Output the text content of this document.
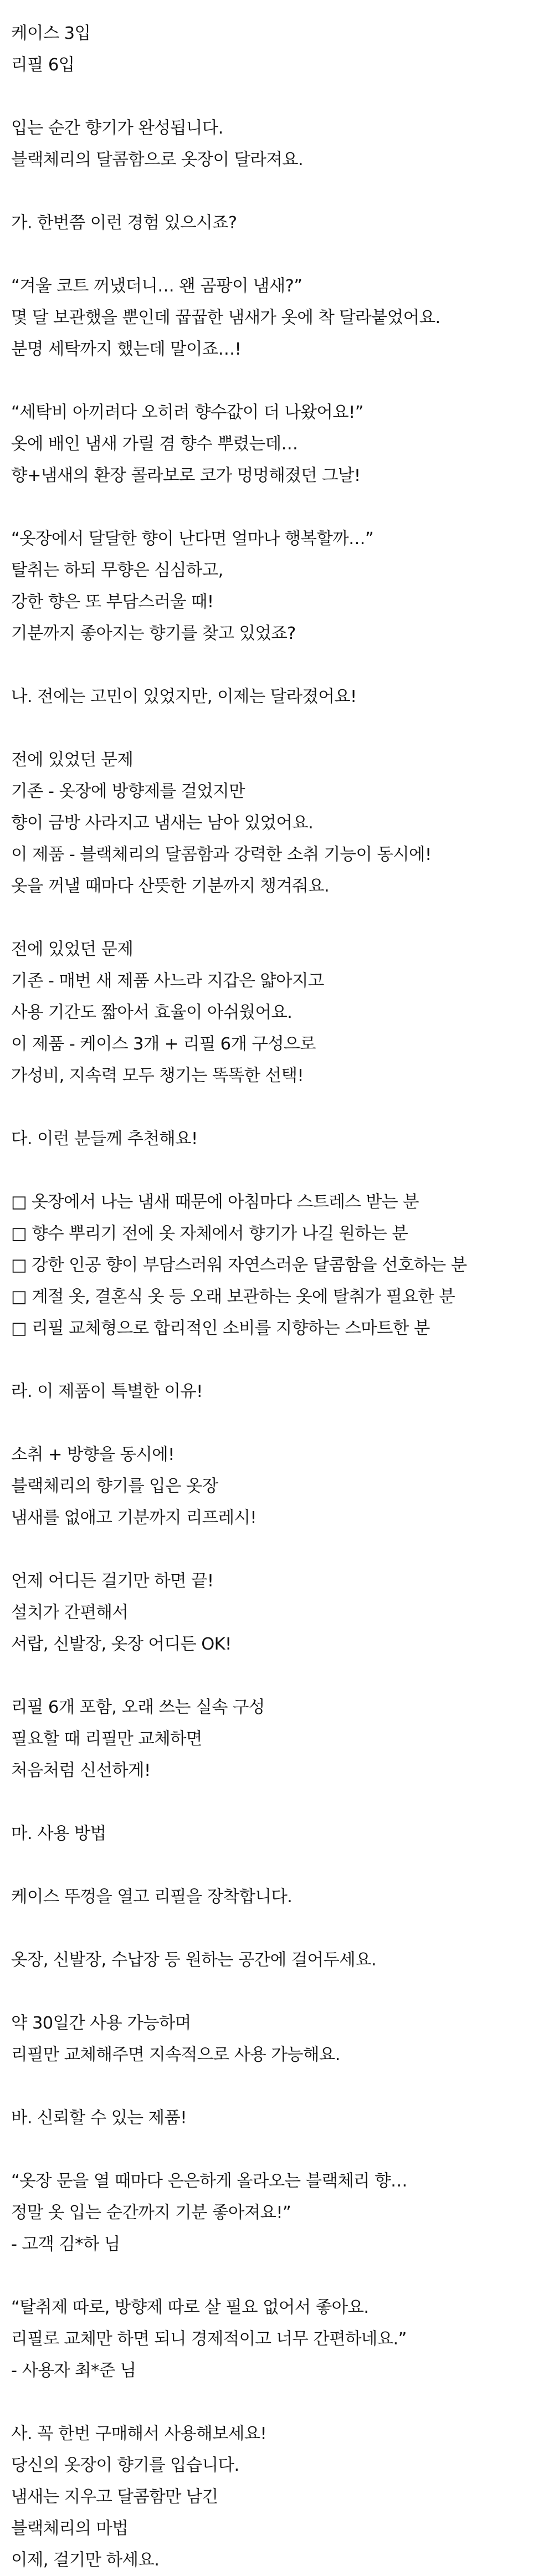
케이스 3입
리필 6입
입는 순간 향기가 완성됩니다.
블랙체리의 달콤함으로 옷장이 달라져요.
가. 한번쯤 이런 경험 있으시죠?
“겨울 코트 꺼냈더니… 왠 곰팡이 냄새?”
몇 달 보관했을 뿐인데 꿉꿉한 냄새가 옷에 착 달라붙었어요.
분명 세탁까지 했는데 말이죠…!
“세탁비 아끼려다 오히려 향수값이 더 나왔어요!”
옷에 배인 냄새 가릴 겸 향수 뿌렸는데…
향+냄새의 환장 콜라보로 코가 멍멍해졌던 그날!
“옷장에서 달달한 향이 난다면 얼마나 행복할까…”
탈취는 하되 무향은 심심하고,
강한 향은 또 부담스러울 때!
기분까지 좋아지는 향기를 찾고 있었죠?
나. 전에는 고민이 있었지만, 이제는 달라졌어요!
전에 있었던 문제
기존 - 옷장에 방향제를 걸었지만
향이 금방 사라지고 냄새는 남아 있었어요.
이 제품 - 블랙체리의 달콤함과 강력한 소취 기능이 동시에!
옷을 꺼낼 때마다 산뜻한 기분까지 챙겨줘요.
전에 있었던 문제
기존 - 매번 새 제품 사느라 지갑은 얇아지고
사용 기간도 짧아서 효율이 아쉬웠어요.
이 제품 - 케이스 3개 + 리필 6개 구성으로
가성비, 지속력 모두 챙기는 똑똑한 선택!
다. 이런 분들께 추천해요!
□ 옷장에서 나는 냄새 때문에 아침마다 스트레스 받는 분
□ 향수 뿌리기 전에 옷 자체에서 향기가 나길 원하는 분
□ 강한 인공 향이 부담스러워 자연스러운 달콤함을 선호하는 분
□ 계절 옷, 결혼식 옷 등 오래 보관하는 옷에 탈취가 필요한 분
□ 리필 교체형으로 합리적인 소비를 지향하는 스마트한 분
라. 이 제품이 특별한 이유!
소취 + 방향을 동시에!
블랙체리의 향기를 입은 옷장
냄새를 없애고 기분까지 리프레시!
언제 어디든 걸기만 하면 끝!
설치가 간편해서
서랍, 신발장, 옷장 어디든 OK!
리필 6개 포함, 오래 쓰는 실속 구성
필요할 때 리필만 교체하면
처음처럼 신선하게!
마. 사용 방법
케이스 뚜껑을 열고 리필을 장착합니다.
옷장, 신발장, 수납장 등 원하는 공간에 걸어두세요.
약 30일간 사용 가능하며
리필만 교체해주면 지속적으로 사용 가능해요.
바. 신뢰할 수 있는 제품!
“옷장 문을 열 때마다 은은하게 올라오는 블랙체리 향…
정말 옷 입는 순간까지 기분 좋아져요!”
- 고객 김*하 님
“탈취제 따로, 방향제 따로 살 필요 없어서 좋아요.
리필로 교체만 하면 되니 경제적이고 너무 간편하네요.”
- 사용자 최*준 님
사. 꼭 한번 구매해서 사용해보세요!
당신의 옷장이 향기를 입습니다.
냄새는 지우고 달콤함만 남긴
블랙체리의 마법
이제, 걸기만 하세요.
